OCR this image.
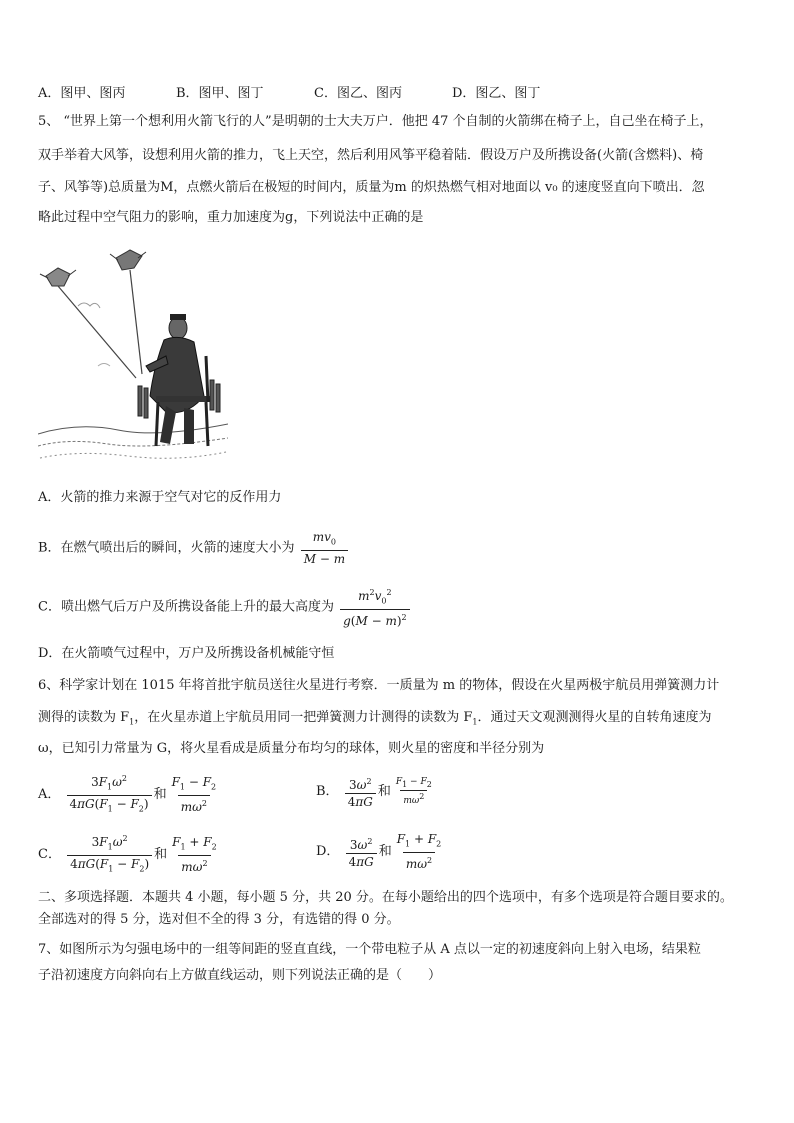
A．图甲、图丙	B．图甲、图丁	C．图乙、图丙	D．图乙、图丁
5、 “世界上第一个想利用火箭飞行的人”是明朝的士大夫万户．他把 47 个自制的火箭绑在椅子上，自己坐在椅子上，
双手举着大风筝，设想利用火箭的推力，飞上天空，然后利用风筝平稳着陆．假设万户及所携设备(火箭(含燃料)、椅
子、风筝等)总质量为M，点燃火箭后在极短的时间内，质量为m 的炽热燃气相对地面以 v₀ 的速度竖直向下喷出．忽
略此过程中空气阻力的影响，重力加速度为g，下列说法中正确的是
A．火箭的推力来源于空气对它的反作用力
B．在燃气喷出后的瞬间，火箭的速度大小为 $\frac{mv_0}{M - m}$
C．喷出燃气后万户及所携设备能上升的最大高度为 $\frac{m^2v_0^2}{g(M - m)^2}$
D．在火箭喷气过程中，万户及所携设备机械能守恒
6、科学家计划在 1015 年将首批宇航员送往火星进行考察．一质量为 m 的物体，假设在火星两极宇航员用弹簧测力计
测得的读数为 $F_1$，在火星赤道上宇航员用同一把弹簧测力计测得的读数为 $F_1$．通过天文观测测得火星的自转角速度为
ω，已知引力常量为 G，将火星看成是质量分布均匀的球体，则火星的密度和半径分别为
A． $\frac{3F_1\omega^2}{4\pi G(F_1 - F_2)}$ 和 $\frac{F_1 - F_2}{m\omega^2}$	B． $\frac{3\omega^2}{4\pi G}$ 和 $\frac{F_1 - F_2}{m\omega^2}$
C． $\frac{3F_1\omega^2}{4\pi G(F_1 - F_2)}$ 和 $\frac{F_1 + F_2}{m\omega^2}$	D． $\frac{3\omega^2}{4\pi G}$ 和 $\frac{F_1 + F_2}{m\omega^2}$
二、多项选择题．本题共 4 小题，每小题 5 分，共 20 分。在每小题给出的四个选项中，有多个选项是符合题目要求的。
全部选对的得 5 分，选对但不全的得 3 分，有选错的得 0 分。
7、如图所示为匀强电场中的一组等间距的竖直直线，一个带电粒子从 A 点以一定的初速度斜向上射入电场，结果粒
子沿初速度方向斜向右上方做直线运动，则下列说法正确的是（　　）
